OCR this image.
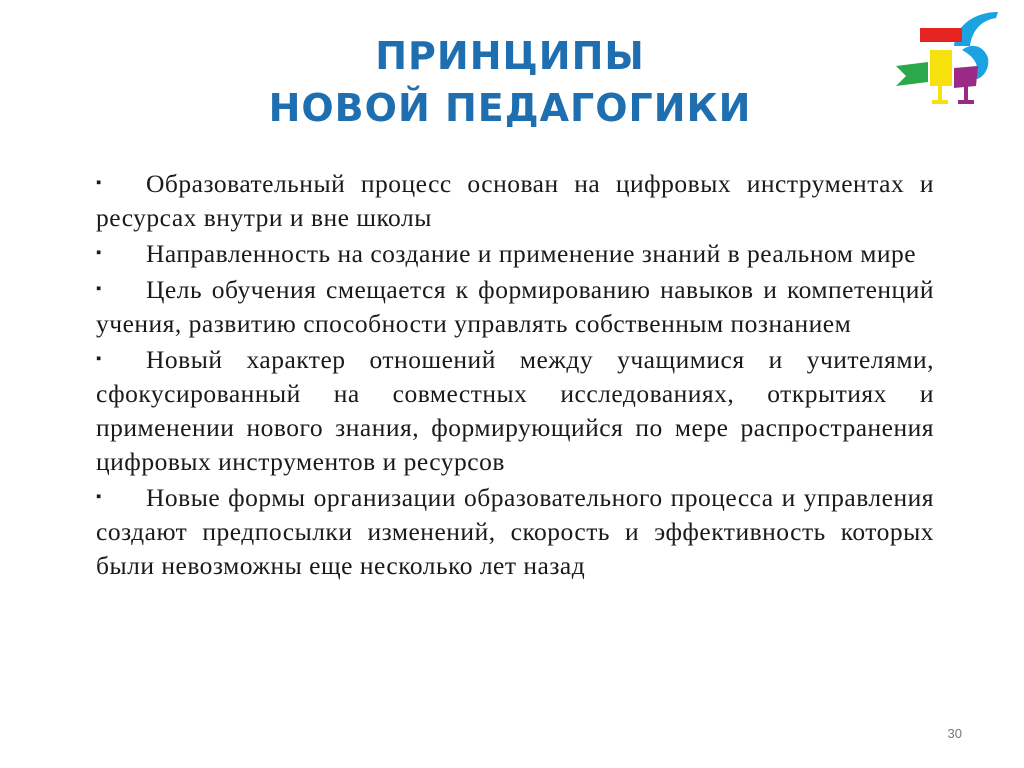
ПРИНЦИПЫ
НОВОЙ ПЕДАГОГИКИ
▪ Образовательный процесс основан на цифровых инструментах и ресурсах внутри и вне школы
▪ Направленность на создание и применение знаний в реальном мире
▪ Цель обучения смещается к формированию навыков и компетенций учения, развитию способности управлять собственным познанием
▪ Новый характер отношений между учащимися и учителями, сфокусированный на совместных исследованиях, открытиях и применении нового знания, формирующийся по мере распространения цифровых инструментов и ресурсов
▪ Новые формы организации образовательного процесса и управления создают предпосылки изменений, скорость и эффективность которых были невозможны еще несколько лет назад
30
